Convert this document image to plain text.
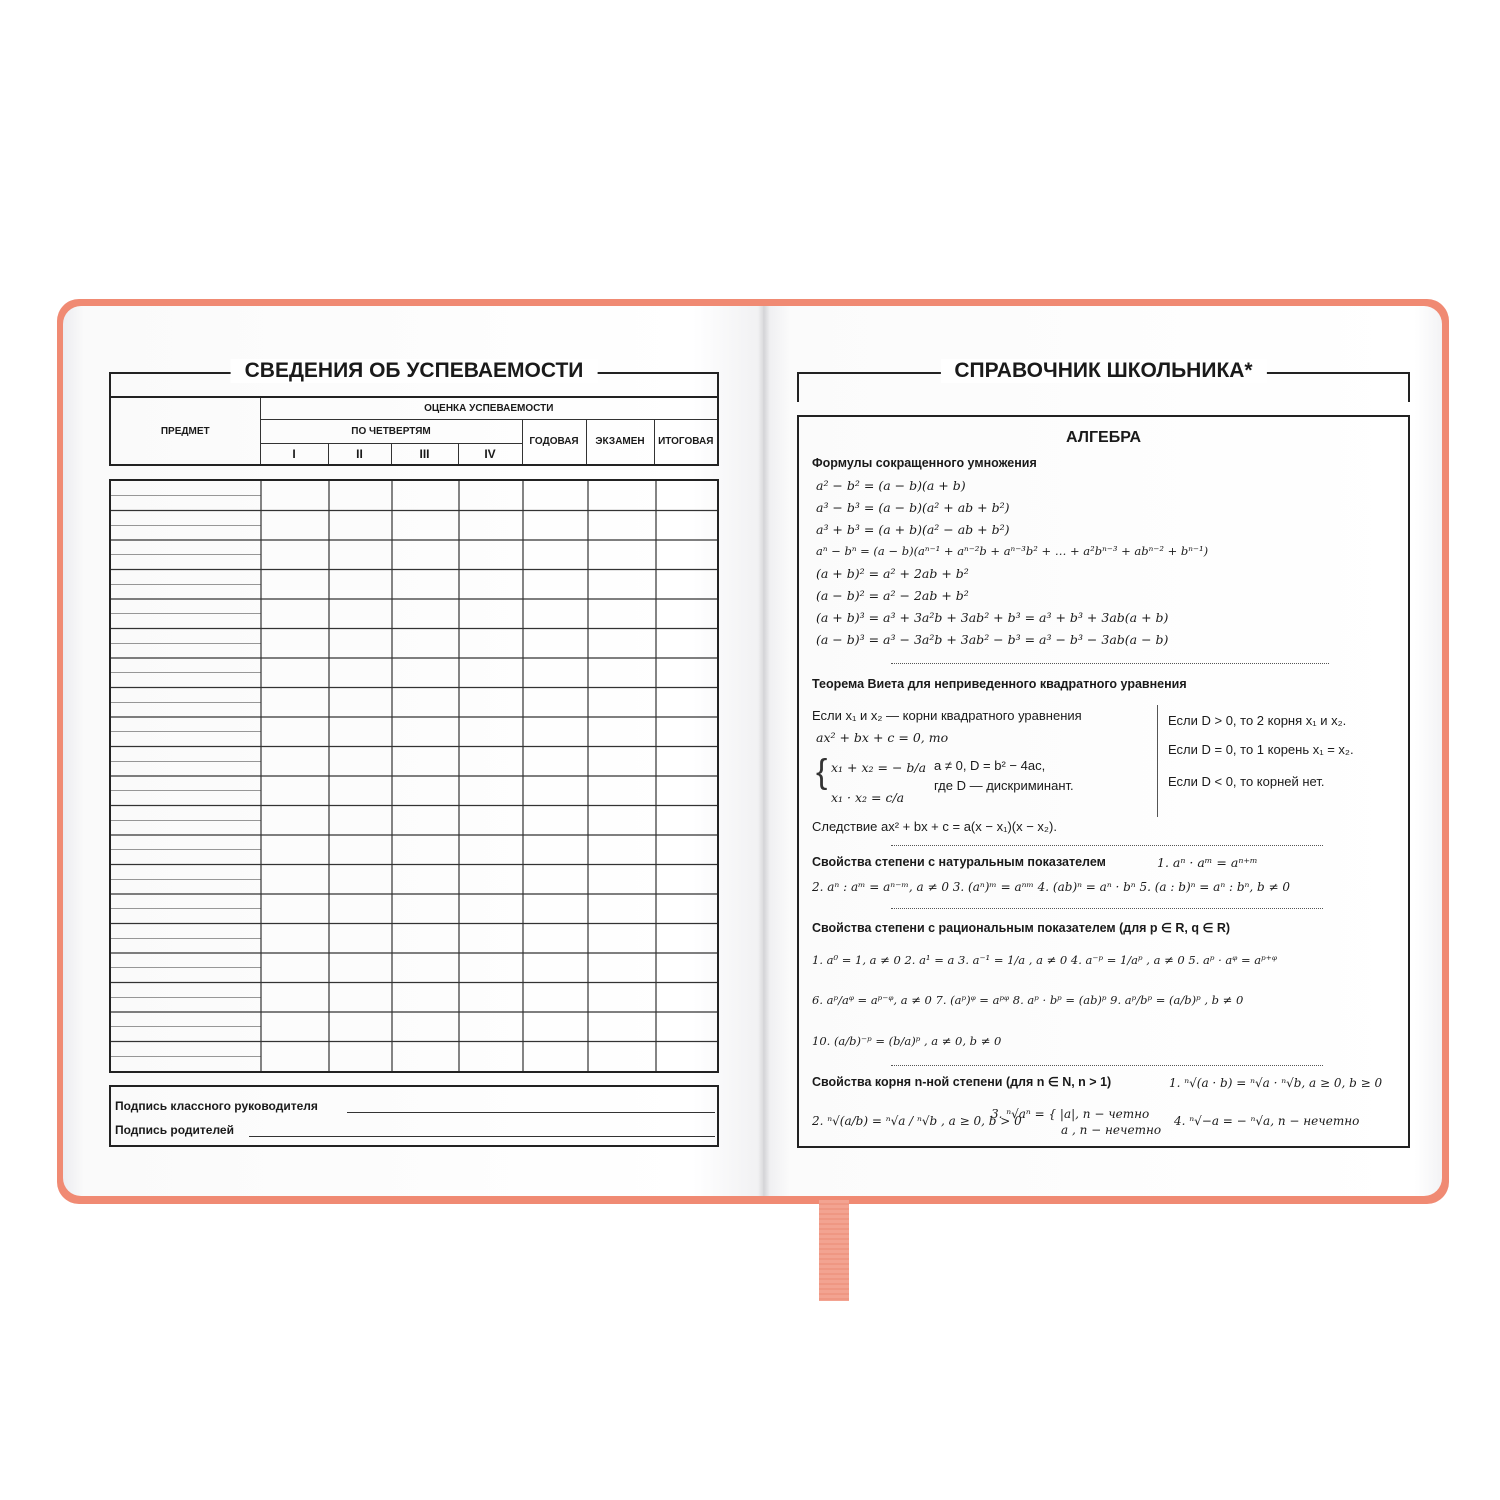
СВЕДЕНИЯ ОБ УСПЕВАЕМОСТИ
ПРЕДМЕТ	ОЦЕНКА УСПЕВАЕМОСТИ						
	ПО ЧЕТВЕРТЯМ				ГОДОВАЯ	ЭКЗАМЕН	ИТОГОВАЯ
	I	II	III	IV			
Подпись классного руководителя
Подпись родителей
СПРАВОЧНИК ШКОЛЬНИКА*
АЛГЕБРА
Формулы сокращенного умножения
a² − b² = (a − b)(a + b)
a³ − b³ = (a − b)(a² + ab + b²)
a³ + b³ = (a + b)(a² − ab + b²)
aⁿ − bⁿ = (a − b)(aⁿ⁻¹ + aⁿ⁻²b + aⁿ⁻³b² + … + a²bⁿ⁻³ + abⁿ⁻² + bⁿ⁻¹)
(a + b)² = a² + 2ab + b²
(a − b)² = a² − 2ab + b²
(a + b)³ = a³ + 3a²b + 3ab² + b³ = a³ + b³ + 3ab(a + b)
(a − b)³ = a³ − 3a²b + 3ab² − b³ = a³ − b³ − 3ab(a − b)
Теорема Виета для неприведенного квадратного уравнения
Если x₁ и x₂ — корни квадратного уравнения
ax² + bx + c = 0, то
{ x₁ + x₂ = − b/a
x₁ · x₂ = c/a
a ≠ 0, D = b² − 4ac,
где D — дискриминант.
Следствие ax² + bx + c = a(x − x₁)(x − x₂).
Если D > 0, то 2 корня x₁ и x₂.
Если D = 0, то 1 корень x₁ = x₂.
Если D < 0, то корней нет.
Свойства степени с натуральным показателем	1. aⁿ · aᵐ = aⁿ⁺ᵐ
2. aⁿ : aᵐ = aⁿ⁻ᵐ, a ≠ 0 3. (aⁿ)ᵐ = aⁿᵐ 4. (ab)ⁿ = aⁿ · bⁿ 5. (a : b)ⁿ = aⁿ : bⁿ, b ≠ 0
Свойства степени с рациональным показателем (для p ∈ R, q ∈ R)
1. a⁰ = 1, a ≠ 0 2. a¹ = a 3. a⁻¹ = 1/a , a ≠ 0 4. a⁻ᵖ = 1/aᵖ , a ≠ 0 5. aᵖ · aᵠ = aᵖ⁺ᵠ
6. aᵖ/aᵠ = aᵖ⁻ᵠ, a ≠ 0 7. (aᵖ)ᵠ = aᵖᵠ 8. aᵖ · bᵖ = (ab)ᵖ 9. aᵖ/bᵖ = (a/b)ᵖ , b ≠ 0
10. (a/b)⁻ᵖ = (b/a)ᵖ , a ≠ 0, b ≠ 0
Свойства корня n-ной степени (для n ∈ N, n > 1)	1. ⁿ√(a · b) = ⁿ√a · ⁿ√b, a ≥ 0, b ≥ 0
2. ⁿ√(a/b) = ⁿ√a / ⁿ√b , a ≥ 0, b > 0
3. ⁿ√aⁿ = { |a|, n − четно
a , n − нечетно
4. ⁿ√−a = − ⁿ√a, n − нечетно
